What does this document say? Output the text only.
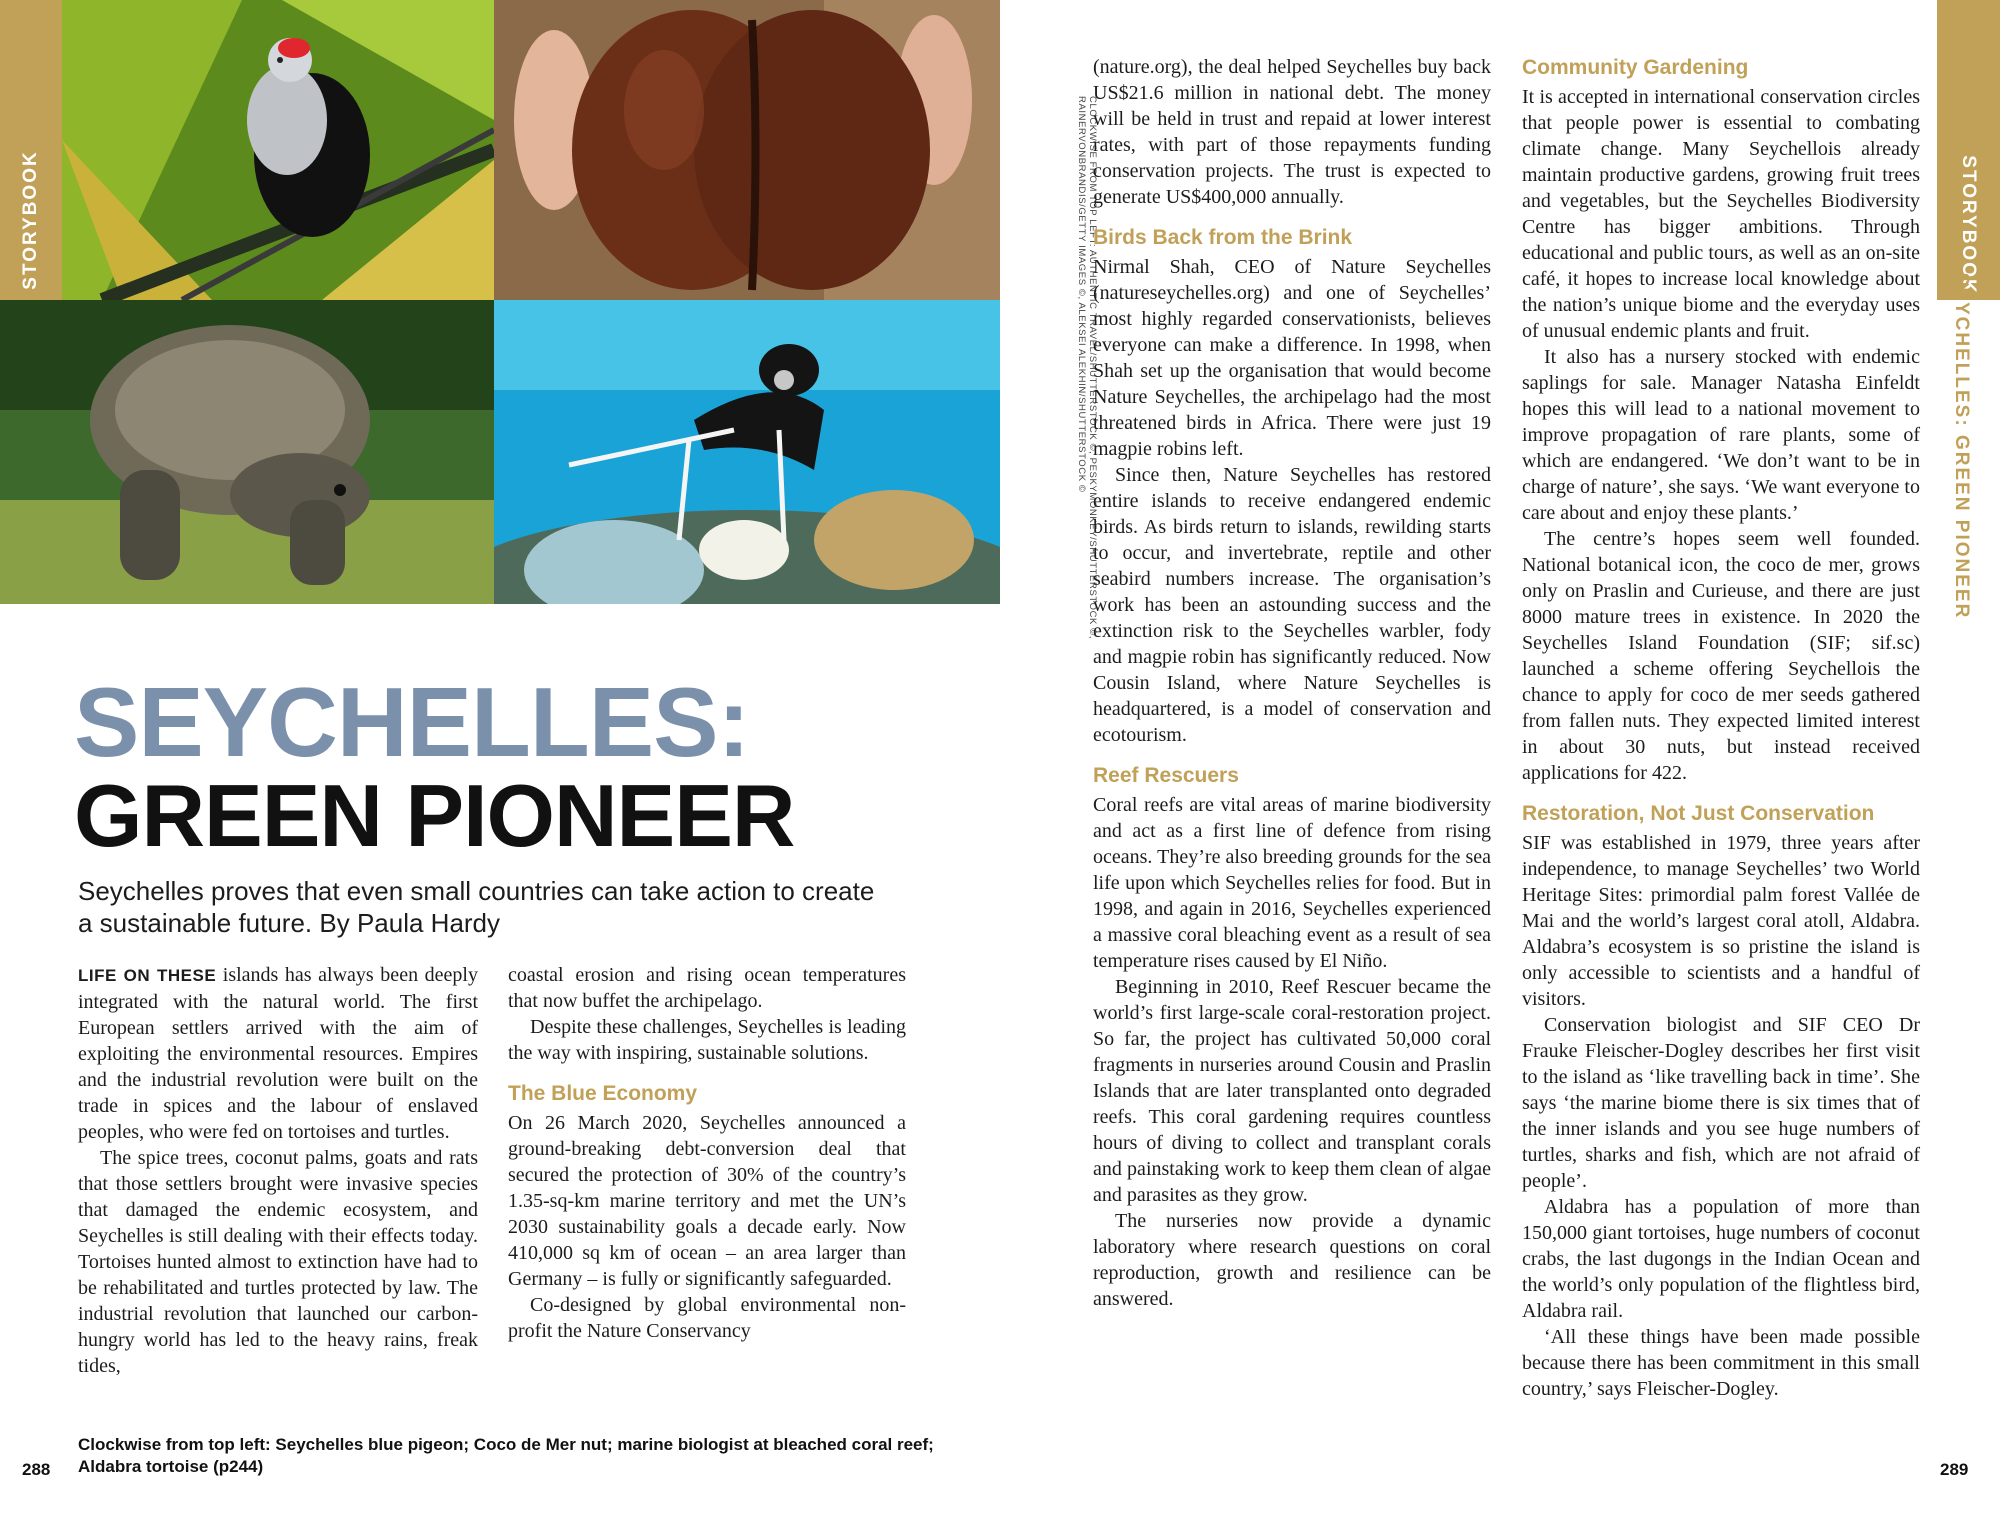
STORYBOOK	STORYBOOK
SEYCHELLES: GREEN PIONEER
CLOCKWISE FROM TOP LEFT: AUTHENTIC TRAVEL/SHUTTERSTOCK ©, PESKYMONKEY/SHUTTERSTOCK ©, RAINERVONBRANDIS/GETTY IMAGES ©, ALEKSEI ALEKHIN/SHUTTERSTOCK ©
SEYCHELLES:
GREEN PIONEER
Seychelles proves that even small countries can take action to create a sustainable future. By Paula Hardy

LIFE ON THESE islands has always been deeply integrated with the natural world. The first European settlers arrived with the aim of exploiting the environmental resources. Empires and the industrial revolution were built on the trade in spices and the labour of enslaved peoples, who were fed on tortoises and turtles.

The spice trees, coconut palms, goats and rats that those settlers brought were invasive species that damaged the endemic ecosystem, and Seychelles is still dealing with their effects today. Tortoises hunted almost to extinction have had to be rehabilitated and turtles protected by law. The industrial revolution that launched our carbon-hungry world has led to the heavy rains, freak tides,

coastal erosion and rising ocean temperatures that now buffet the archipelago.

Despite these challenges, Seychelles is leading the way with inspiring, sustainable solutions.

The Blue Economy

On 26 March 2020, Seychelles announced a ground-breaking debt-conversion deal that secured the protection of 30% of the country’s 1.35-sq-km marine territory and met the UN’s 2030 sustainability goals a decade early. Now 410,000 sq km of ocean – an area larger than Germany – is fully or significantly safeguarded.

Co-designed by global environmental non-profit the Nature Conservancy

(nature.org), the deal helped Seychelles buy back US$21.6 million in national debt. The money will be held in trust and repaid at lower interest rates, with part of those repayments funding conservation projects. The trust is expected to generate US$400,000 annually.

Birds Back from the Brink

Nirmal Shah, CEO of Nature Seychelles (natureseychelles.org) and one of Seychelles’ most highly regarded conservationists, believes everyone can make a difference. In 1998, when Shah set up the organisation that would become Nature Seychelles, the archipelago had the most threatened birds in Africa. There were just 19 magpie robins left.

Since then, Nature Seychelles has restored entire islands to receive endangered endemic birds. As birds return to islands, rewilding starts to occur, and invertebrate, reptile and other seabird numbers increase. The organisation’s work has been an astounding success and the extinction risk to the Seychelles warbler, fody and magpie robin has significantly reduced. Now Cousin Island, where Nature Seychelles is headquartered, is a model of conservation and ecotourism.

Reef Rescuers

Coral reefs are vital areas of marine biodiversity and act as a first line of defence from rising oceans. They’re also breeding grounds for the sea life upon which Seychelles relies for food. But in 1998, and again in 2016, Seychelles experienced a massive coral bleaching event as a result of sea temperature rises caused by El Niño.

Beginning in 2010, Reef Rescuer became the world’s first large-scale coral-restoration project. So far, the project has cultivated 50,000 coral fragments in nurseries around Cousin and Praslin Islands that are later transplanted onto degraded reefs. This coral gardening requires countless hours of diving to collect and transplant corals and painstaking work to keep them clean of algae and parasites as they grow.

The nurseries now provide a dynamic laboratory where research questions on coral reproduction, growth and resilience can be answered.

Community Gardening

It is accepted in international conservation circles that people power is essential to combating climate change. Many Seychellois already maintain productive gardens, growing fruit trees and vegetables, but the Seychelles Biodiversity Centre has bigger ambitions. Through educational and public tours, as well as an on-site café, it hopes to increase local knowledge about the nation’s unique biome and the everyday uses of unusual endemic plants and fruit.

It also has a nursery stocked with endemic saplings for sale. Manager Natasha Einfeldt hopes this will lead to a national movement to improve propagation of rare plants, some of which are endangered. ‘We don’t want to be in charge of nature’, she says. ‘We want everyone to care about and enjoy these plants.’

The centre’s hopes seem well founded. National botanical icon, the coco de mer, grows only on Praslin and Curieuse, and there are just 8000 mature trees in existence. In 2020 the Seychelles Island Foundation (SIF; sif.sc) launched a scheme offering Seychellois the chance to apply for coco de mer seeds gathered from fallen nuts. They expected limited interest in about 30 nuts, but instead received applications for 422.

Restoration, Not Just Conservation

SIF was established in 1979, three years after independence, to manage Seychelles’ two World Heritage Sites: primordial palm forest Vallée de Mai and the world’s largest coral atoll, Aldabra. Aldabra’s ecosystem is so pristine the island is only accessible to scientists and a handful of visitors.

Conservation biologist and SIF CEO Dr Frauke Fleischer-Dogley describes her first visit to the island as ‘like travelling back in time’. She says ‘the marine biome there is six times that of the inner islands and you see huge numbers of turtles, sharks and fish, which are not afraid of people’.

Aldabra has a population of more than 150,000 giant tortoises, huge numbers of coconut crabs, the last dugongs in the Indian Ocean and the world’s only population of the flightless bird, Aldabra rail.

‘All these things have been made possible because there has been commitment in this small country,’ says Fleischer-Dogley.

Clockwise from top left: Seychelles blue pigeon; Coco de Mer nut; marine biologist at bleached coral reef; Aldabra tortoise (p244)
288	289
